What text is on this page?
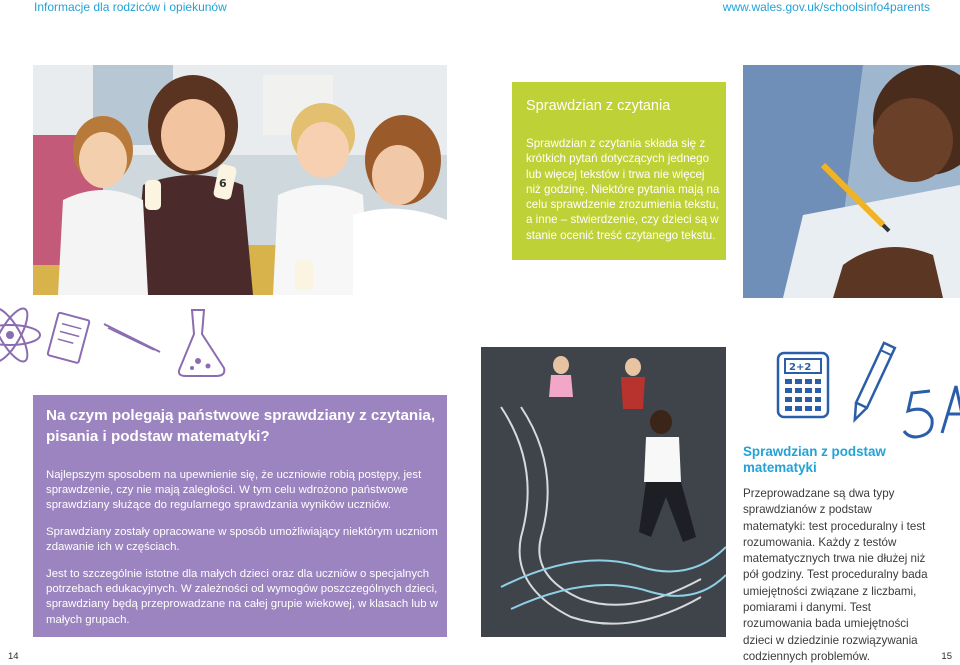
Informacje dla rodziców i opiekunów	www.wales.gov.uk/schoolsinfo4parents
6
Sprawdzian z czytania

Sprawdzian z czytania składa się z krótkich pytań dotyczących jednego lub więcej tekstów i trwa nie więcej niż godzinę. Niektóre pytania mają na celu sprawdzenie zrozumienia tekstu, a inne – stwierdzenie, czy dzieci są w stanie ocenić treść czytanego tekstu.

Na czym polegają państwowe sprawdziany z czytania, pisania i podstaw matematyki?

Najlepszym sposobem na upewnienie się, że uczniowie robią postępy, jest sprawdzenie, czy nie mają zaległości. W tym celu wdrożono państwowe sprawdziany służące do regularnego sprawdzania wyników uczniów.

Sprawdziany zostały opracowane w sposób umożliwiający niektórym uczniom zdawanie ich w częściach.

Jest to szczególnie istotne dla małych dzieci oraz dla uczniów o specjalnych potrzebach edukacyjnych. W zależności od wymogów poszczególnych dzieci, sprawdziany będą przeprowadzane na całej grupie wiekowej, w klasach lub w małych grupach.

2+2
Sprawdzian z podstaw matematyki

Przeprowadzane są dwa typy sprawdzianów z podstaw matematyki: test proceduralny i test rozumowania. Każdy z testów matematycznych trwa nie dłużej niż pół godziny. Test proceduralny bada umiejętności związane z liczbami, pomiarami i danymi. Test rozumowania bada umiejętności dzieci w dziedzinie rozwiązywania codziennych problemów.

14	15
